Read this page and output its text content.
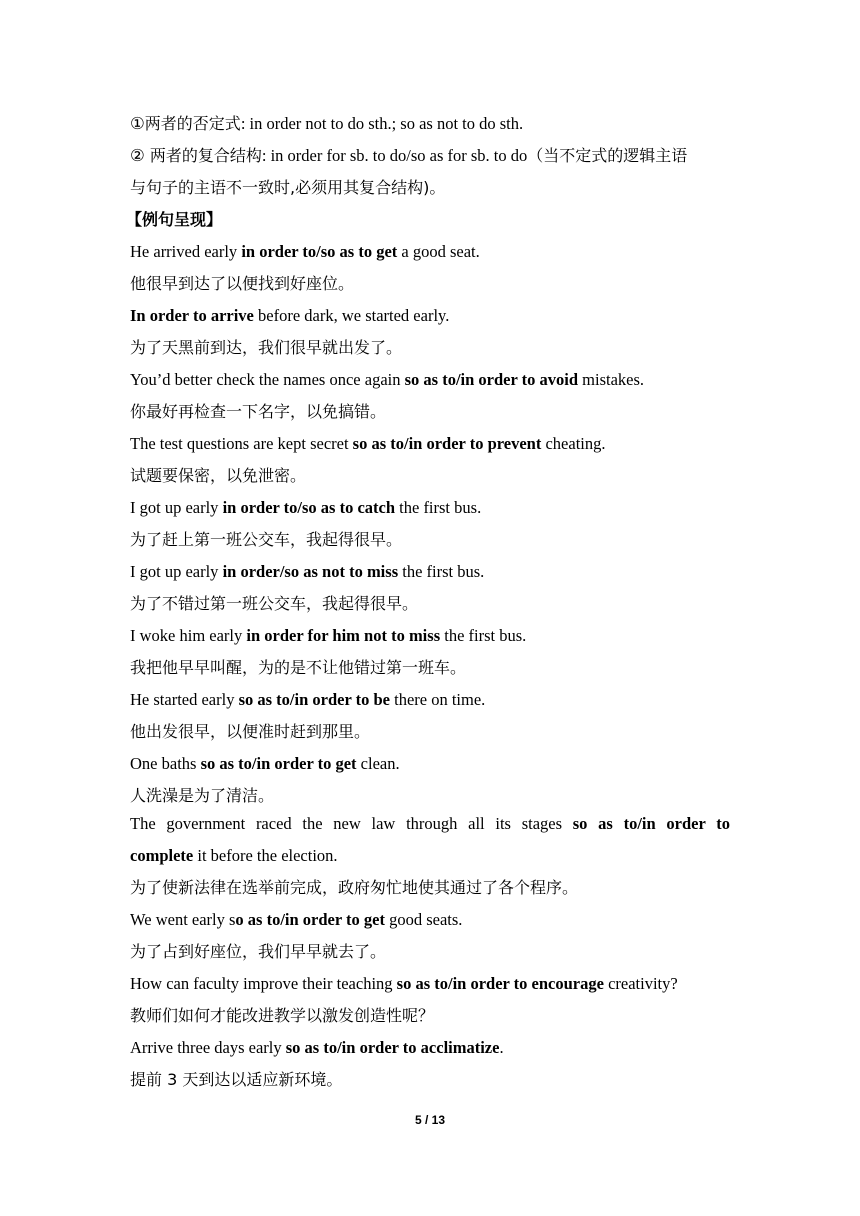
①两者的否定式: in order not to do sth.; so as not to do sth.
② 两者的复合结构: in order for sb. to do/so as for sb. to do（当不定式的逻辑主语
与句子的主语不一致时,必须用其复合结构)。
【例句呈现】
He arrived early in order to/so as to get a good seat.
他很早到达了以便找到好座位。
In order to arrive before dark, we started early.
为了天黑前到达，我们很早就出发了。
You’d better check the names once again so as to/in order to avoid mistakes.
你最好再检查一下名字，以免搞错。
The test questions are kept secret so as to/in order to prevent cheating.
试题要保密，以免泄密。
I got up early in order to/so as to catch the first bus.
为了赶上第一班公交车，我起得很早。
I got up early in order/so as not to miss the first bus.
为了不错过第一班公交车，我起得很早。
I woke him early in order for him not to miss the first bus.
我把他早早叫醒，为的是不让他错过第一班车。
He started early so as to/in order to be there on time.
他出发很早，以便准时赶到那里。
One baths so as to/in order to get clean.
人洗澡是为了清洁。
The government raced the new law through all its stages so as to/in order to
complete it before the election.
为了使新法律在选举前完成，政府匆忙地使其通过了各个程序。
We went early so as to/in order to get good seats.
为了占到好座位，我们早早就去了。
How can faculty improve their teaching so as to/in order to encourage creativity?
教师们如何才能改进教学以激发创造性呢？
Arrive three days early so as to/in order to acclimatize.
提前 3 天到达以适应新环境。
5 / 13
